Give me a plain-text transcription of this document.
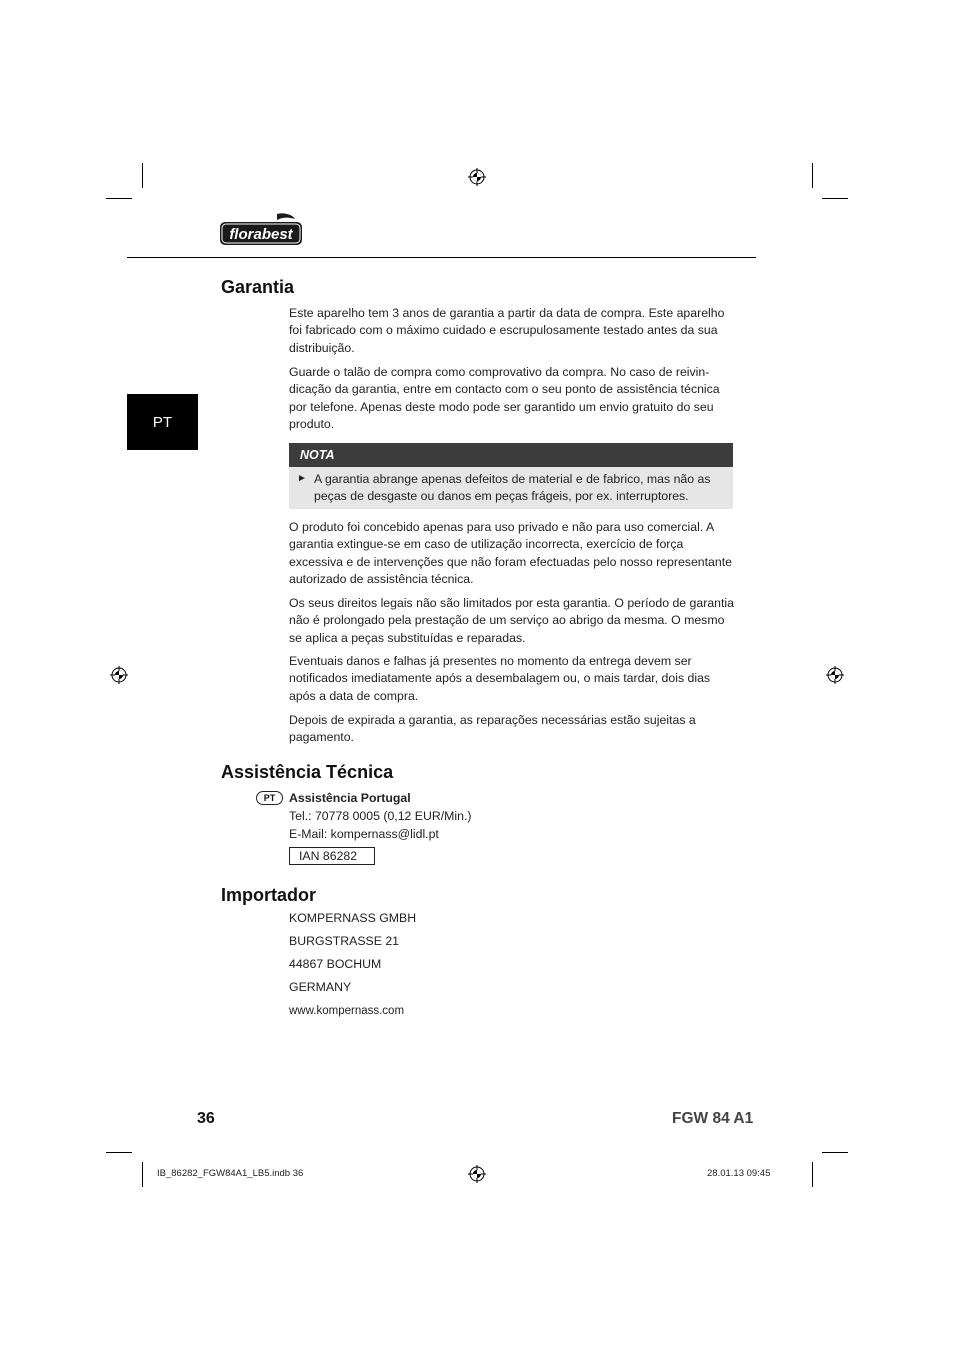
florabest
PT
Garantia

Este aparelho tem 3 anos de garantia a partir da data de compra. Este aparelho foi fabricado com o máximo cuidado e escrupulosamente testado antes da sua distribuição.

Guarde o talão de compra como comprovativo da compra. No caso de reivin-dicação da garantia, entre em contacto com o seu ponto de assistência técnica por telefone. Apenas deste modo pode ser garantido um envio gratuito do seu produto.

NOTA
► A garantia abrange apenas defeitos de material e de fabrico, mas não as peças de desgaste ou danos em peças frágeis, por ex. interruptores.

O produto foi concebido apenas para uso privado e não para uso comercial. A garantia extingue-se em caso de utilização incorrecta, exercício de força excessiva e de intervenções que não foram efectuadas pelo nosso representante autorizado de assistência técnica.

Os seus direitos legais não são limitados por esta garantia. O período de garantia não é prolongado pela prestação de um serviço ao abrigo da mesma. O mesmo se aplica a peças substituídas e reparadas.

Eventuais danos e falhas já presentes no momento da entrega devem ser notificados imediatamente após a desembalagem ou, o mais tardar, dois dias após a data de compra.

Depois de expirada a garantia, as reparações necessárias estão sujeitas a pagamento.

Assistência Técnica
PT	Assistência Portugal
Tel.: 70778 0005 (0,12 EUR/Min.)
E-Mail: kompernass@lidl.pt
IAN 86282
Importador
KOMPERNASS GMBH
BURGSTRASSE 21
44867 BOCHUM
GERMANY
www.kompernass.com
36	FGW 84 A1
IB_86282_FGW84A1_LB5.indb 36	28.01.13 09:45
